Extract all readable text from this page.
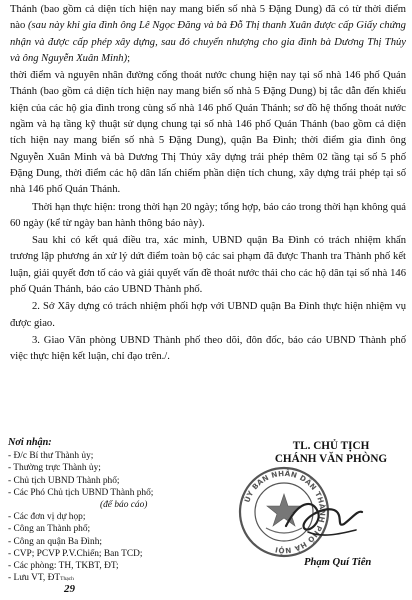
Thánh (bao gồm cả diện tích hiện nay mang biển số nhà 5 Đặng Dung) đã có từ thời điểm nào (sau này khi gia đình ông Lê Ngọc Đăng và bà Đỗ Thị thanh Xuân được cấp Giấy chứng nhận và được cấp phép xây dựng, sau đó chuyển nhượng cho gia đình bà Dương Thị Thủy và ông Nguyễn Xuân Minh);

thời điểm và nguyên nhân đường cống thoát nước chung hiện nay tại số nhà 146 phố Quán Thánh (bao gồm cả diện tích hiện nay mang biển số nhà 5 Đặng Dung) bị tắc dẫn đến khiếu kiện của các hộ gia đình trong cùng số nhà 146 phố Quán Thánh; sơ đồ hệ thống thoát nước ngầm và hạ tầng kỹ thuật sử dụng chung tại số nhà 146 phố Quán Thánh (bao gồm cả diện tích hiện nay mang biển số nhà 5 Đặng Dung), quận Ba Đình; thời điểm gia đình ông Nguyễn Xuân Minh và bà Dương Thị Thủy xây dựng trái phép thêm 02 tầng tại số 5 phố Đặng Dung, thời điểm các hộ dân lấn chiếm phần diện tích chung, xây dựng trái phép tại số nhà 146 phố Quán Thánh.

Thời hạn thực hiện: trong thời hạn 20 ngày; tổng hợp, báo cáo trong thời hạn không quá 60 ngày (kể từ ngày ban hành thông báo này).

Sau khi có kết quả điều tra, xác minh, UBND quận Ba Đình có trách nhiệm khẩn trương lập phương án xử lý dứt điểm toàn bộ các sai phạm đã được Thanh tra Thành phố kết luận, giải quyết đơn tố cáo và giải quyết vấn đề thoát nước thải cho các hộ dân tại số nhà 146 phố Quán Thánh, báo cáo UBND Thành phố.

2. Sở Xây dựng có trách nhiệm phối hợp với UBND quận Ba Đình thực hiện nhiệm vụ được giao.

3. Giao Văn phòng UBND Thành phố theo dõi, đôn đốc, báo cáo UBND Thành phố việc thực hiện kết luận, chỉ đạo trên./.

Nơi nhận:
- Đ/c Bí thư Thành ủy;
- Thường trực Thành ủy;
- Chủ tịch UBND Thành phố;
- Các Phó Chủ tịch UBND Thành phố;
(để báo cáo)
- Các đơn vị dự họp;
- Công an Thành phố;
- Công an quận Ba Đình;
- CVP; PCVP P.V.Chiến; Ban TCD;
- Các phòng: TH, TKBT, ĐT;
- Lưu VT, ĐTThạch
29
TL. CHỦ TỊCH
CHÁNH VĂN PHÒNG
ỦY BAN NHÂN DÂN THÀNH PHỐ HÀ NỘI
Phạm Quí Tiên
